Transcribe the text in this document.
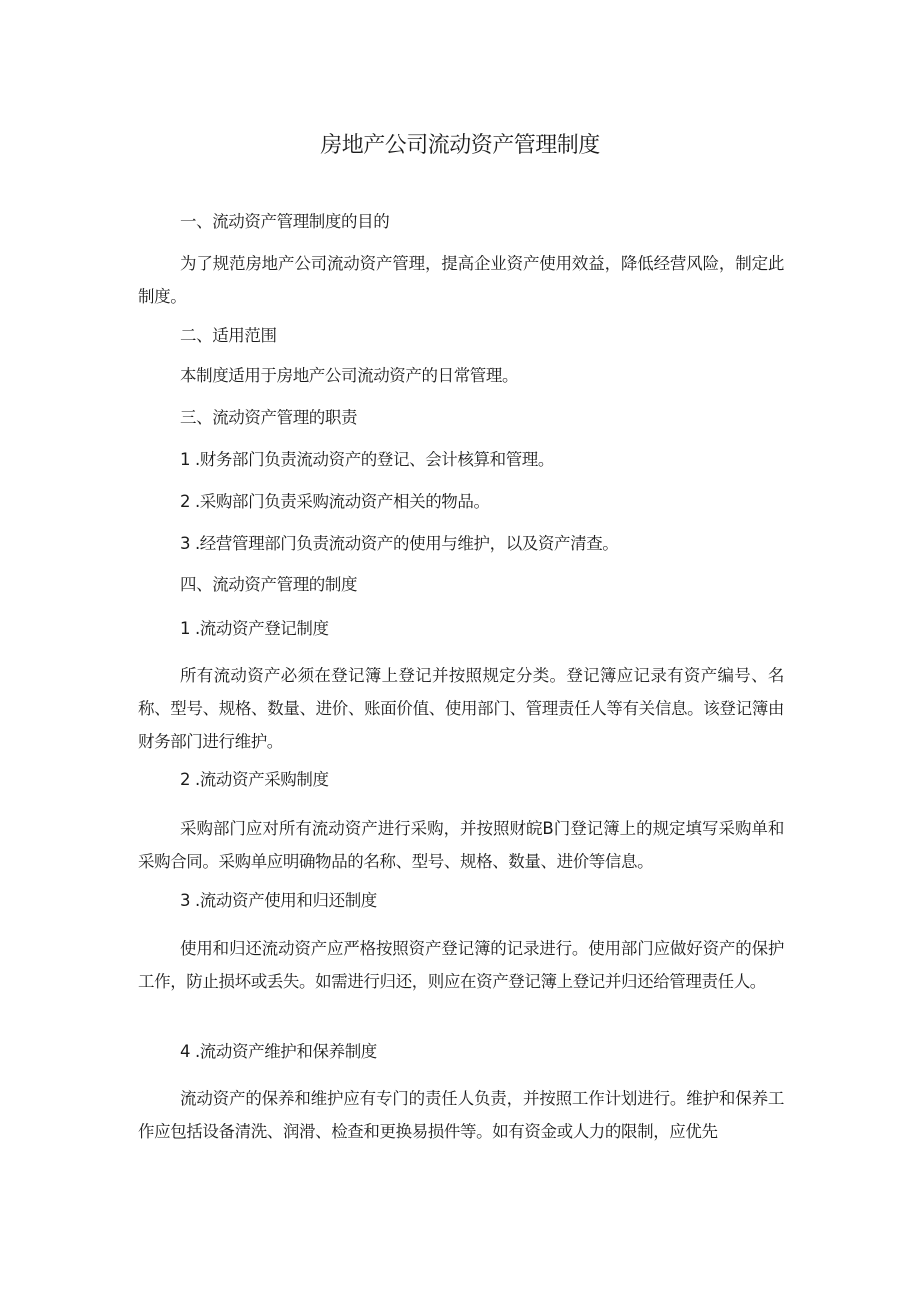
房地产公司流动资产管理制度

一、流动资产管理制度的目的

为了规范房地产公司流动资产管理，提高企业资产使用效益，降低经营风险，制定此制度。

二、适用范围

本制度适用于房地产公司流动资产的日常管理。

三、流动资产管理的职责

1 .财务部门负责流动资产的登记、会计核算和管理。

2 .采购部门负责采购流动资产相关的物品。

3 .经营管理部门负责流动资产的使用与维护，以及资产清查。

四、流动资产管理的制度

1 .流动资产登记制度

所有流动资产必须在登记簿上登记并按照规定分类。登记簿应记录有资产编号、名称、型号、规格、数量、进价、账面价值、使用部门、管理责任人等有关信息。该登记簿由财务部门进行维护。

2 .流动资产采购制度

采购部门应对所有流动资产进行采购，并按照财皖B门登记簿上的规定填写采购单和采购合同。采购单应明确物品的名称、型号、规格、数量、进价等信息。

3 .流动资产使用和归还制度

使用和归还流动资产应严格按照资产登记簿的记录进行。使用部门应做好资产的保护工作，防止损坏或丢失。如需进行归还，则应在资产登记簿上登记并归还给管理责任人。

4 .流动资产维护和保养制度

流动资产的保养和维护应有专门的责任人负责，并按照工作计划进行。维护和保养工作应包括设备清洗、润滑、检查和更换易损件等。如有资金或人力的限制，应优先
